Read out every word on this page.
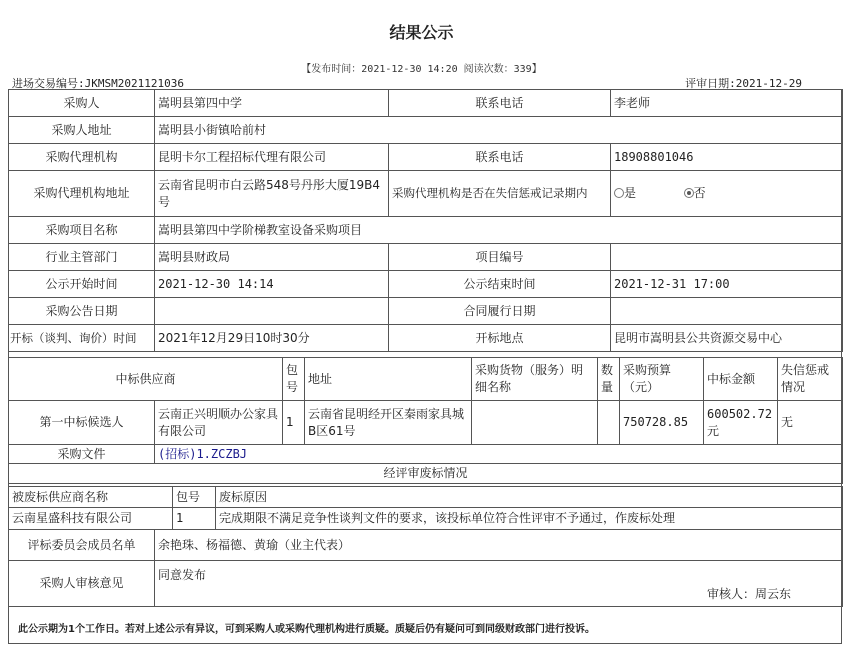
结果公示
【发布时间：2021-12-30 14:20 阅读次数：339】
进场交易编号:JKMSM2021121036	评审日期:2021-12-29
采购人	嵩明县第四中学	联系电话	李老师
采购人地址	嵩明县小街镇哈前村		
采购代理机构	昆明卡尔工程招标代理有限公司	联系电话	18908801046
采购代理机构地址	云南省昆明市白云路548号丹彤大厦19B4号	采购代理机构是否在失信惩戒记录期内	是 否
采购项目名称	嵩明县第四中学阶梯教室设备采购项目		
行业主管部门	嵩明县财政局	项目编号	
公示开始时间	2021-12-30 14:14	公示结束时间	2021-12-31 17:00
采购公告日期		合同履行日期	
开标（谈判、询价）时间	2021年12月29日10时30分	开标地点	昆明市嵩明县公共资源交易中心
中标供应商		包号	地址	采购货物（服务）明细名称	数量	采购预算（元）	中标金额	失信惩戒情况
第一中标候选人	云南正兴明顺办公家具有限公司	1	云南省昆明经开区秦雨家具城B区61号			750728.85	600502.72元	无
采购文件	(招标)1.ZCZBJ							
经评审废标情况								
被废标供应商名称	包号	废标原因
云南星盛科技有限公司	1	完成期限不满足竞争性谈判文件的要求，该投标单位符合性评审不予通过，作废标处理
评标委员会成员名单	余艳珠、杨福德、黄瑜（业主代表）
采购人审核意见	同意发布
审核人：周云东
此公示期为1个工作日。若对上述公示有异议，可到采购人或采购代理机构进行质疑。质疑后仍有疑问可到同级财政部门进行投诉。
